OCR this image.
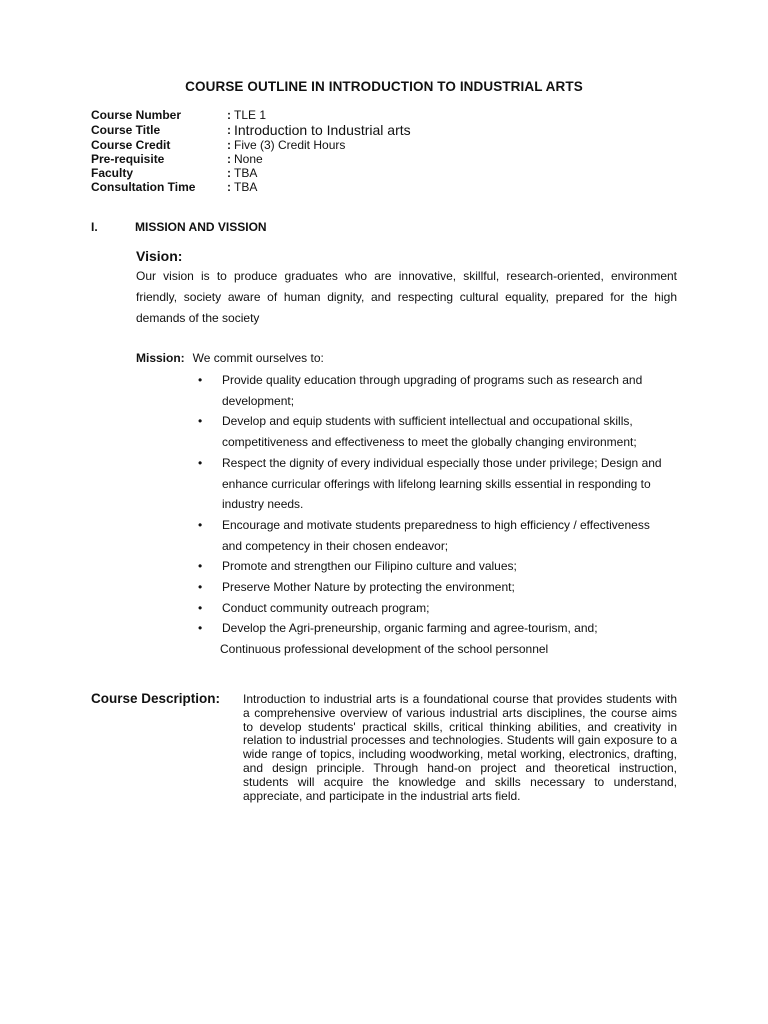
COURSE OUTLINE IN INTRODUCTION TO INDUSTRIAL ARTS
Course Number	: TLE 1
Course Title	: Introduction to Industrial arts
Course Credit	: Five (3) Credit Hours
Pre-requisite	: None
Faculty	: TBA
Consultation Time	: TBA
I.	MISSION AND VISSION
Vision:
Our vision is to produce graduates who are innovative, skillful, research-oriented, environment friendly, society aware of human dignity, and respecting cultural equality, prepared for the high demands of the society
Mission: We commit ourselves to:
• Provide quality education through upgrading of programs such as research and development;
• Develop and equip students with sufficient intellectual and occupational skills, competitiveness and effectiveness to meet the globally changing environment;
• Respect the dignity of every individual especially those under privilege; Design and enhance curricular offerings with lifelong learning skills essential in responding to industry needs.
• Encourage and motivate students preparedness to high efficiency / effectiveness and competency in their chosen endeavor;
• Promote and strengthen our Filipino culture and values;
• Preserve Mother Nature by protecting the environment;
• Conduct community outreach program;
• Develop the Agri-preneurship, organic farming and agree-tourism, and;
Continuous professional development of the school personnel
Course Description: Introduction to industrial arts is a foundational course that provides students with a comprehensive overview of various industrial arts disciplines, the course aims to develop students' practical skills, critical thinking abilities, and creativity in relation to industrial processes and technologies. Students will gain exposure to a wide range of topics, including woodworking, metal working, electronics, drafting, and design principle. Through hand-on project and theoretical instruction, students will acquire the knowledge and skills necessary to understand, appreciate, and participate in the industrial arts field.
